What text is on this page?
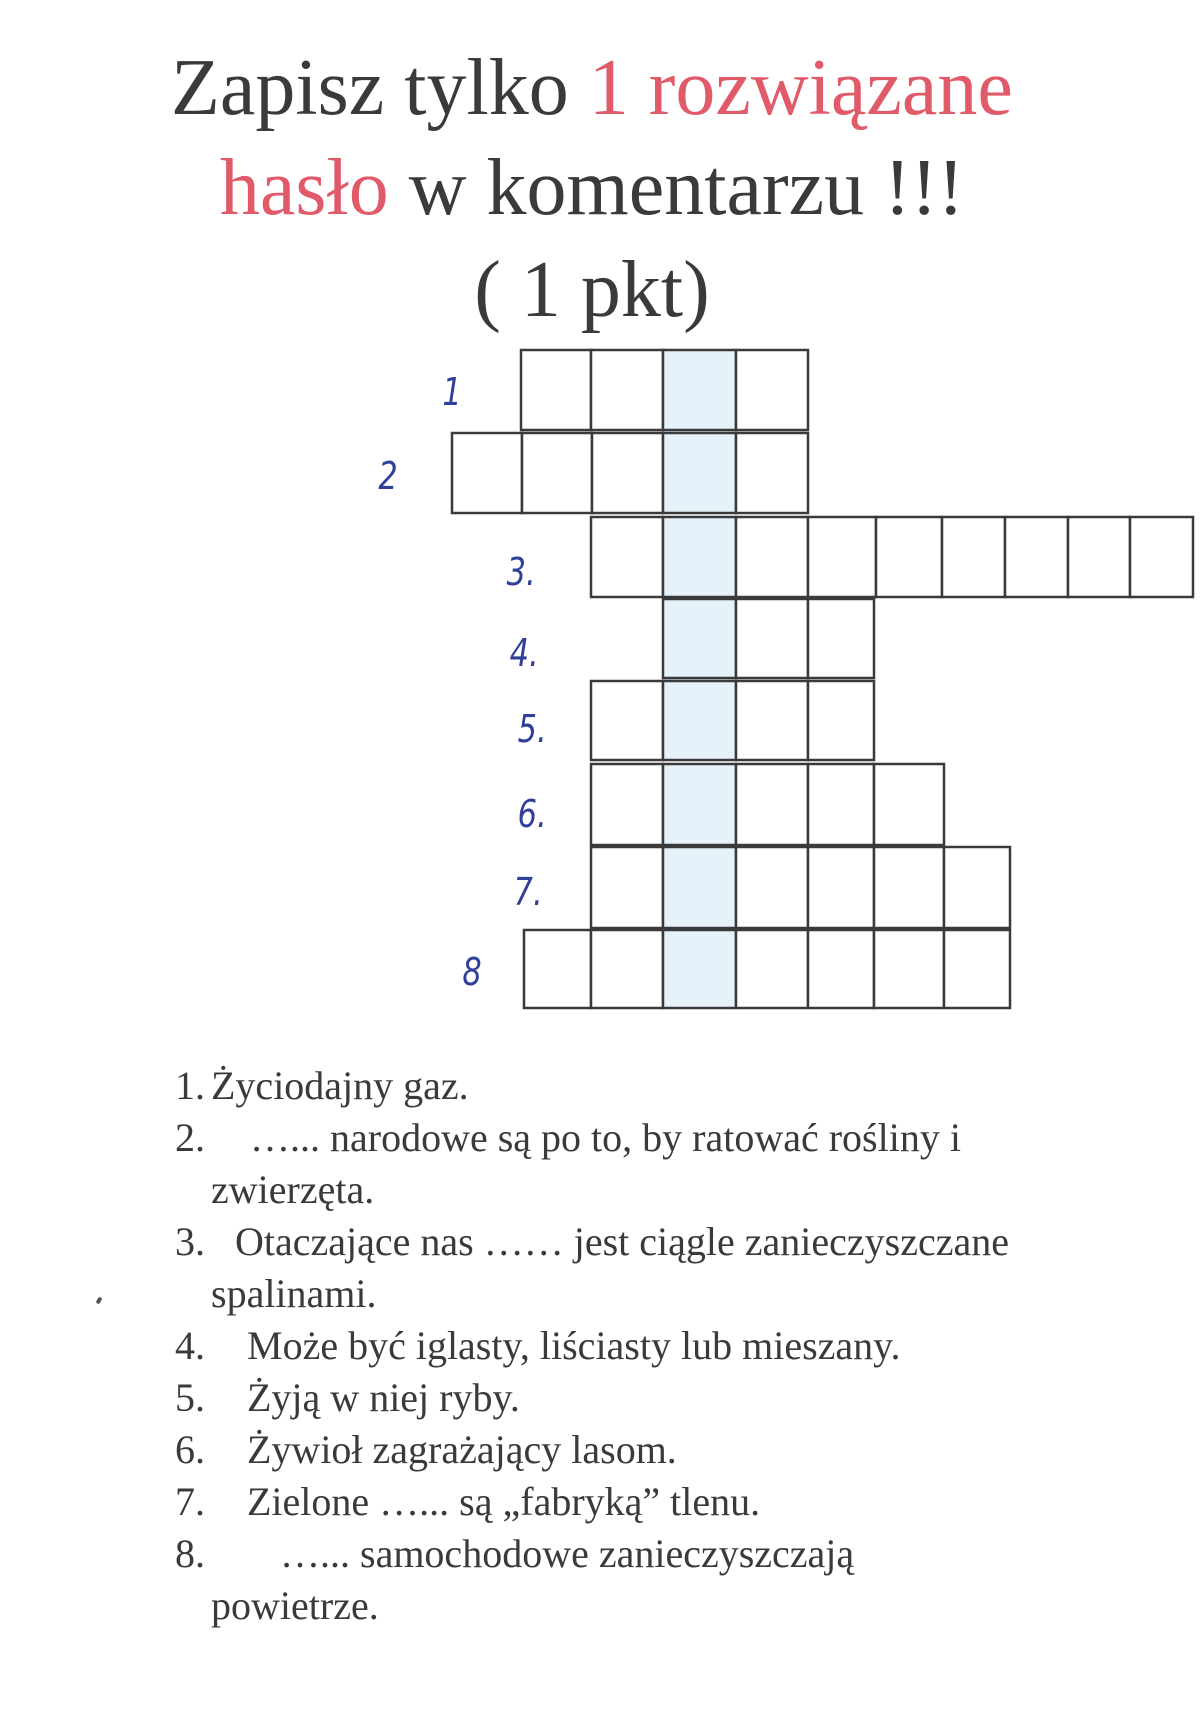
Zapisz tylko 1 rozwiązane
hasło w komentarzu !!!
( 1 pkt)
1
2
3.
4.
5.
6.
7.
8
1. Życiodajny gaz.
2. …... narodowe są po to, by ratować rośliny i
zwierzęta.
3. Otaczające nas …… jest ciągle zanieczyszczane
spalinami.
4. Może być iglasty, liściasty lub mieszany.
5. Żyją w niej ryby.
6. Żywioł zagrażający lasom.
7. Zielone …... są „fabryką” tlenu.
8. …... samochodowe zanieczyszczają
powietrze.
